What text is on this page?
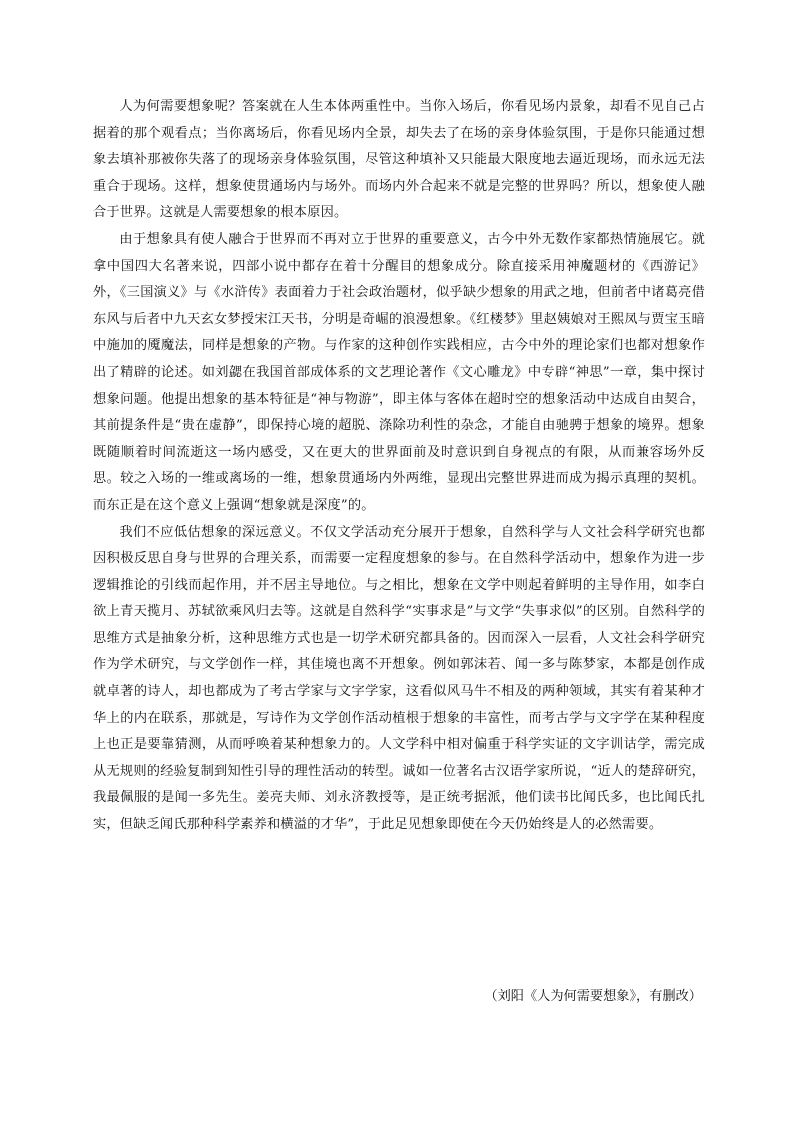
人为何需要想象呢？答案就在人生本体两重性中。当你入场后，你看见场内景象，却看不见自己占据着的那个观看点；当你离场后，你看见场内全景，却失去了在场的亲身体验氛围，于是你只能通过想象去填补那被你失落了的现场亲身体验氛围，尽管这种填补又只能最大限度地去逼近现场，而永远无法重合于现场。这样，想象使贯通场内与场外。而场内外合起来不就是完整的世界吗？所以，想象使人融合于世界。这就是人需要想象的根本原因。

由于想象具有使人融合于世界而不再对立于世界的重要意义，古今中外无数作家都热情施展它。就拿中国四大名著来说，四部小说中都存在着十分醒目的想象成分。除直接采用神魔题材的《西游记》外，《三国演义》与《水浒传》表面着力于社会政治题材，似乎缺少想象的用武之地，但前者中诸葛亮借东风与后者中九天玄女梦授宋江天书，分明是奇崛的浪漫想象。《红楼梦》里赵姨娘对王熙凤与贾宝玉暗中施加的魇魔法，同样是想象的产物。与作家的这种创作实践相应，古今中外的理论家们也都对想象作出了精辟的论述。如刘勰在我国首部成体系的文艺理论著作《文心雕龙》中专辟“神思”一章，集中探讨想象问题。他提出想象的基本特征是“神与物游”，即主体与客体在超时空的想象活动中达成自由契合，其前提条件是“贵在虚静”，即保持心境的超脱、涤除功利性的杂念，才能自由驰骋于想象的境界。想象既随顺着时间流逝这一场内感受，又在更大的世界面前及时意识到自身视点的有限，从而兼容场外反思。较之入场的一维或离场的一维，想象贯通场内外两维，显现出完整世界进而成为揭示真理的契机。而东正是在这个意义上强调“想象就是深度”的。

我们不应低估想象的深远意义。不仅文学活动充分展开于想象，自然科学与人文社会科学研究也都因积极反思自身与世界的合理关系，而需要一定程度想象的参与。在自然科学活动中，想象作为进一步逻辑推论的引线而起作用，并不居主导地位。与之相比，想象在文学中则起着鲜明的主导作用，如李白欲上青天揽月、苏轼欲乘风归去等。这就是自然科学“实事求是”与文学“失事求似”的区别。自然科学的思维方式是抽象分析，这种思维方式也是一切学术研究都具备的。因而深入一层看，人文社会科学研究作为学术研究，与文学创作一样，其佳境也离不开想象。例如郭沫若、闻一多与陈梦家，本都是创作成就卓著的诗人，却也都成为了考古学家与文字学家，这看似风马牛不相及的两种领域，其实有着某种才华上的内在联系，那就是，写诗作为文学创作活动植根于想象的丰富性，而考古学与文字学在某种程度上也正是要靠猜测，从而呼唤着某种想象力的。人文学科中相对偏重于科学实证的文字训诂学，需完成从无规则的经验复制到知性引导的理性活动的转型。诚如一位著名古汉语学家所说，“近人的楚辞研究，我最佩服的是闻一多先生。姜亮夫师、刘永济教授等，是正统考据派，他们读书比闻氏多，也比闻氏扎实，但缺乏闻氏那种科学素养和横溢的才华”，于此足见想象即使在今天仍始终是人的必然需要。

（刘阳《人为何需要想象》，有删改）
